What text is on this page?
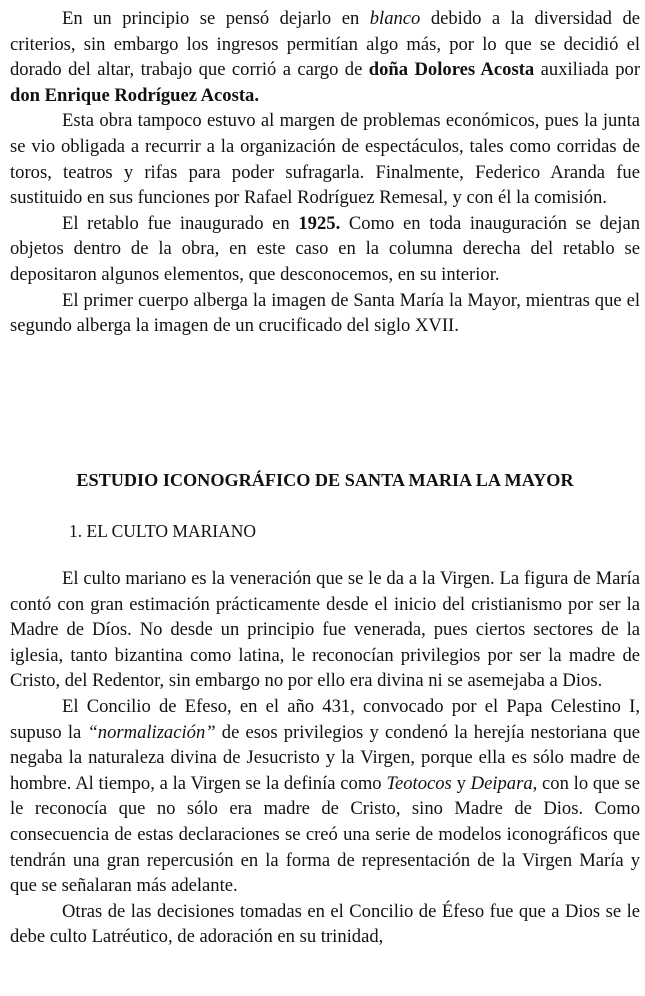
En un principio se pensó dejarlo en blanco debido a la diversidad de criterios, sin embargo los ingresos permitían algo más, por lo que se decidió el dorado del altar, trabajo que corrió a cargo de doña Dolores Acosta auxiliada por don Enrique Rodríguez Acosta.

Esta obra tampoco estuvo al margen de problemas económicos, pues la junta se vio obligada a recurrir a la organización de espectáculos, tales como corridas de toros, teatros y rifas para poder sufragarla. Finalmente, Federico Aranda fue sustituido en sus funciones por Rafael Rodríguez Remesal, y con él la comisión.

El retablo fue inaugurado en 1925. Como en toda inauguración se dejan objetos dentro de la obra, en este caso en la columna derecha del retablo se depositaron algunos elementos, que desconocemos, en su interior.

El primer cuerpo alberga la imagen de Santa María la Mayor, mientras que el segundo alberga la imagen de un crucificado del siglo XVII.

ESTUDIO ICONOGRÁFICO DE SANTA MARIA LA MAYOR
1. EL CULTO MARIANO

El culto mariano es la veneración que se le da a la Virgen. La figura de María contó con gran estimación prácticamente desde el inicio del cristianismo por ser la Madre de Díos. No desde un principio fue venerada, pues ciertos sectores de la iglesia, tanto bizantina como latina, le reconocían privilegios por ser la madre de Cristo, del Redentor, sin embargo no por ello era divina ni se asemejaba a Dios.

El Concilio de Efeso, en el año 431, convocado por el Papa Celestino I, supuso la “normalización” de esos privilegios y condenó la herejía nestoriana que negaba la naturaleza divina de Jesucristo y la Virgen, porque ella es sólo madre de hombre. Al tiempo, a la Virgen se la definía como Teotocos y Deipara, con lo que se le reconocía que no sólo era madre de Cristo, sino Madre de Dios. Como consecuencia de estas declaraciones se creó una serie de modelos iconográficos que tendrán una gran repercusión en la forma de representación de la Virgen María y que se señalaran más adelante.

Otras de las decisiones tomadas en el Concilio de Éfeso fue que a Dios se le debe culto Latréutico, de adoración en su trinidad,
